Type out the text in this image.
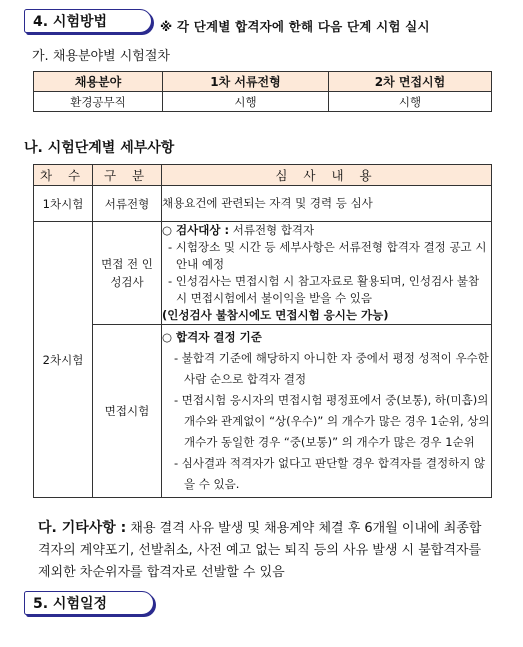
4. 시험방법	※ 각 단계별 합격자에 한해 다음 단계 시험 실시
가. 채용분야별 시험절차
채용분야	1차 서류전형	2차 면접시험
환경공무직	시행	시행
나. 시험단계별 세부사항
차 수	구 분	심 사 내 용
1차시험	서류전형	채용요건에 관련되는 자격 및 경력 등 심사
2차시험	면접 전 인성검사	○ 검사대상 : 서류전형 합격자
- 시험장소 및 시간 등 세부사항은 서류전형 합격자 결정 공고 시 안내 예정
- 인성검사는 면접시험 시 참고자료로 활용되며, 인성검사 불참 시 면접시험에서 불이익을 받을 수 있음
(인성검사 불참시에도 면접시험 응시는 가능)

	면접시험	○ 합격자 결정 기준
- 불합격 기준에 해당하지 아니한 자 중에서 평정 성적이 우수한 사람 순으로 합격자 결정
- 면접시험 응시자의 면접시험 평정표에서 중(보통), 하(미흡)의 개수와 관계없이 “상(우수)” 의 개수가 많은 경우 1순위, 상의 개수가 동일한 경우 “중(보통)” 의 개수가 많은 경우 1순위
- 심사결과 적격자가 없다고 판단할 경우 합격자를 결정하지 않을 수 있음.
다. 기타사항 : 채용 결격 사유 발생 및 채용계약 체결 후 6개월 이내에 최종합격자의 계약포기, 선발취소, 사전 예고 없는 퇴직 등의 사유 발생 시 불합격자를 제외한 차순위자를 합격자로 선발할 수 있음
5. 시험일정
